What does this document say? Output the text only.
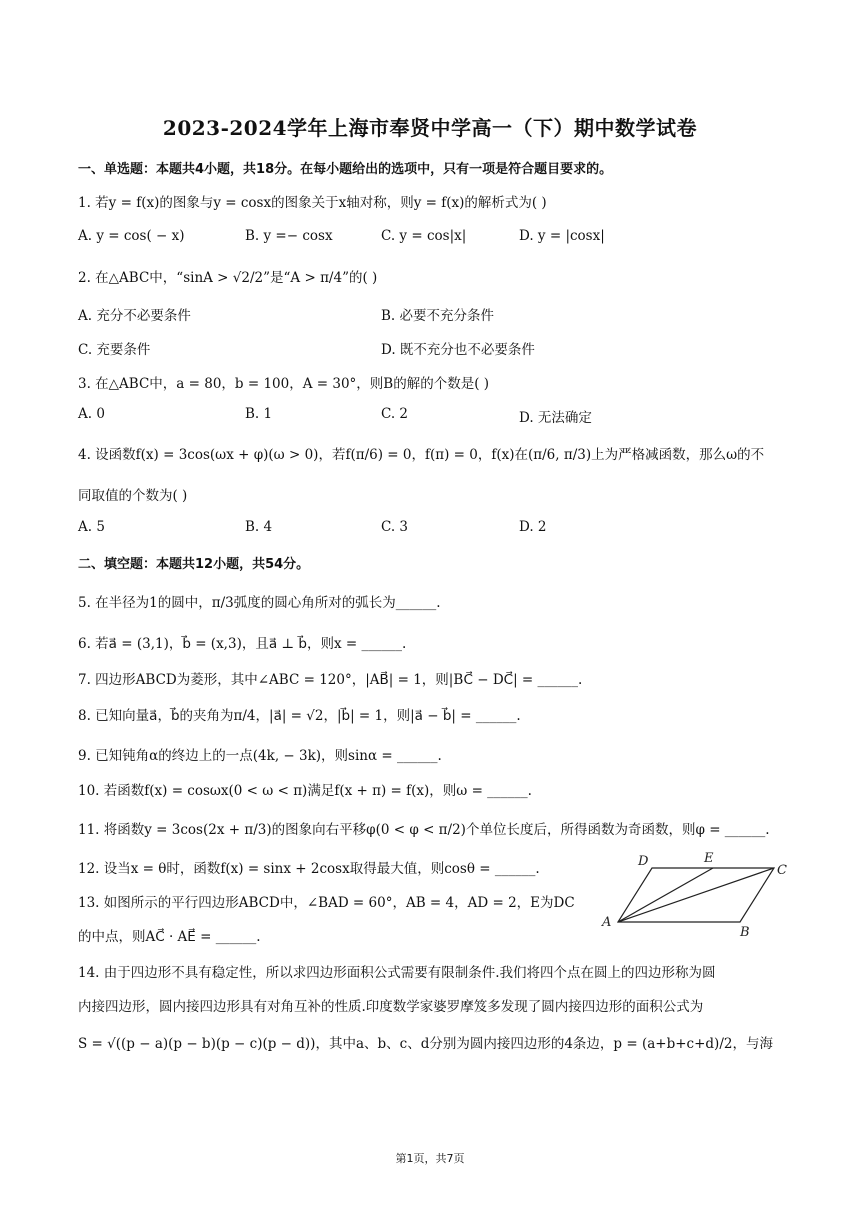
2023-2024学年上海市奉贤中学高一（下）期中数学试卷
一、单选题：本题共4小题，共18分。在每小题给出的选项中，只有一项是符合题目要求的。
1. 若y = f(x)的图象与y = cosx的图象关于x轴对称，则y = f(x)的解析式为( )
A. y = cos( − x)	B. y =− cosx	C. y = cos|x|	D. y = |cosx|
2. 在△ABC中，“sinA > √2/2”是“A > π/4”的( )
A. 充分不必要条件	B. 必要不充分条件
C. 充要条件	D. 既不充分也不必要条件
3. 在△ABC中，a = 80，b = 100，A = 30°，则B的解的个数是( )
A. 0	B. 1	C. 2	D. 无法确定
4. 设函数f(x) = 3cos(ωx + φ)(ω > 0)，若f(π/6) = 0，f(π) = 0，f(x)在(π/6, π/3)上为严格减函数，那么ω的不
同取值的个数为( )
A. 5	B. 4	C. 3	D. 2
二、填空题：本题共12小题，共54分。
5. 在半径为1的圆中，π/3弧度的圆心角所对的弧长为______.
6. 若a⃗ = (3,1)，b⃗ = (x,3)，且a⃗ ⊥ b⃗，则x = ______.
7. 四边形ABCD为菱形，其中∠ABC = 120°，|AB⃗| = 1，则|BC⃗ − DC⃗| = ______.
8. 已知向量a⃗，b⃗的夹角为π/4，|a⃗| = √2，|b⃗| = 1，则|a⃗ − b⃗| = ______.
9. 已知钝角α的终边上的一点(4k, − 3k)，则sinα = ______.
10. 若函数f(x) = cosωx(0 < ω < π)满足f(x + π) = f(x)，则ω = ______.
11. 将函数y = 3cos(2x + π/3)的图象向右平移φ(0 < φ < π/2)个单位长度后，所得函数为奇函数，则φ = ______.
12. 设当x = θ时，函数f(x) = sinx + 2cosx取得最大值，则cosθ = ______.
13. 如图所示的平行四边形ABCD中，∠BAD = 60°，AB = 4，AD = 2，E为DC
的中点，则AC⃗ · AE⃗ = ______.
D	E
C
A
B
14. 由于四边形不具有稳定性，所以求四边形面积公式需要有限制条件.我们将四个点在圆上的四边形称为圆
内接四边形，圆内接四边形具有对角互补的性质.印度数学家婆罗摩笈多发现了圆内接四边形的面积公式为
S = √((p − a)(p − b)(p − c)(p − d))，其中a、b、c、d分别为圆内接四边形的4条边，p = (a+b+c+d)/2，与海
第1页，共7页
